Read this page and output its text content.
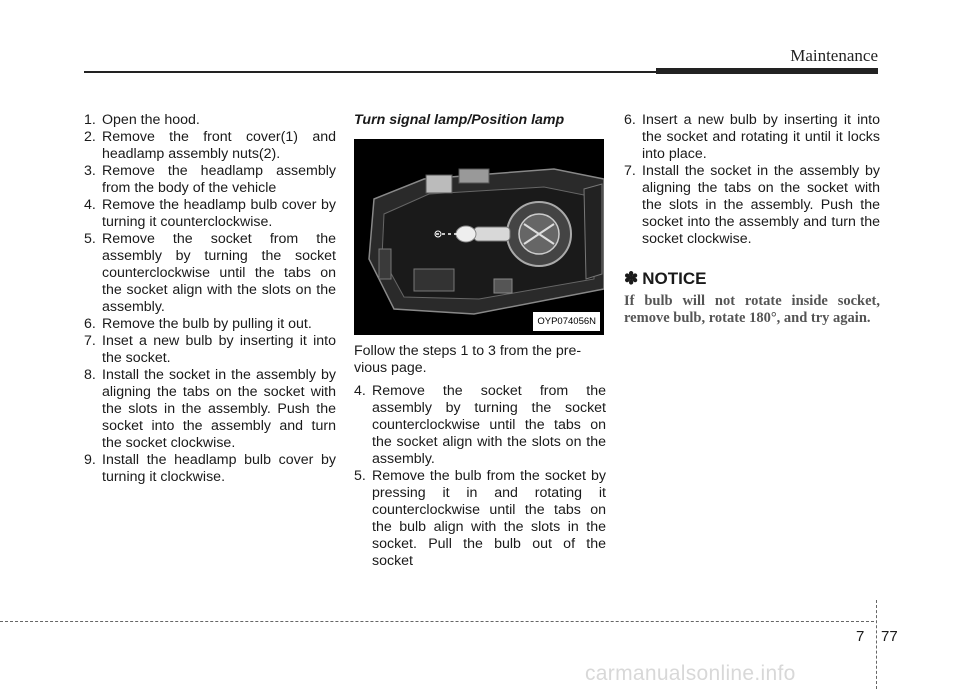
Maintenance
1. Open the hood.
2. Remove the front cover(1) and headlamp assembly nuts(2).
3. Remove the headlamp assembly from the body of the vehicle
4. Remove the headlamp bulb cover by turning it counterclockwise.
5. Remove the socket from the assembly by turning the socket counterclockwise until the tabs on the socket align with the slots on the assembly.
6. Remove the bulb by pulling it out.
7. Inset a new bulb by inserting it into the socket.
8. Install the socket in the assembly by aligning the tabs on the socket with the slots in the assembly. Push the socket into the assembly and turn the socket clockwise.
9. Install the headlamp bulb cover by turning it clockwise.
Turn signal lamp/Position lamp
OYP074056N

Follow the steps 1 to 3 from the pre-vious page.

4. Remove the socket from the assembly by turning the socket counterclockwise until the tabs on the socket align with the slots on the assembly.
5. Remove the bulb from the socket by pressing it in and rotating it counterclockwise until the tabs on the bulb align with the slots in the socket. Pull the bulb out of the socket
6. Insert a new bulb by inserting it into the socket and rotating it until it locks into place.
7. Install the socket in the assembly by aligning the tabs on the socket with the slots in the assembly. Push the socket into the assembly and turn the socket clockwise.
✽ NOTICE

If bulb will not rotate inside socket, remove bulb, rotate 180°, and try again.

7 77
carmanualsonline.info
